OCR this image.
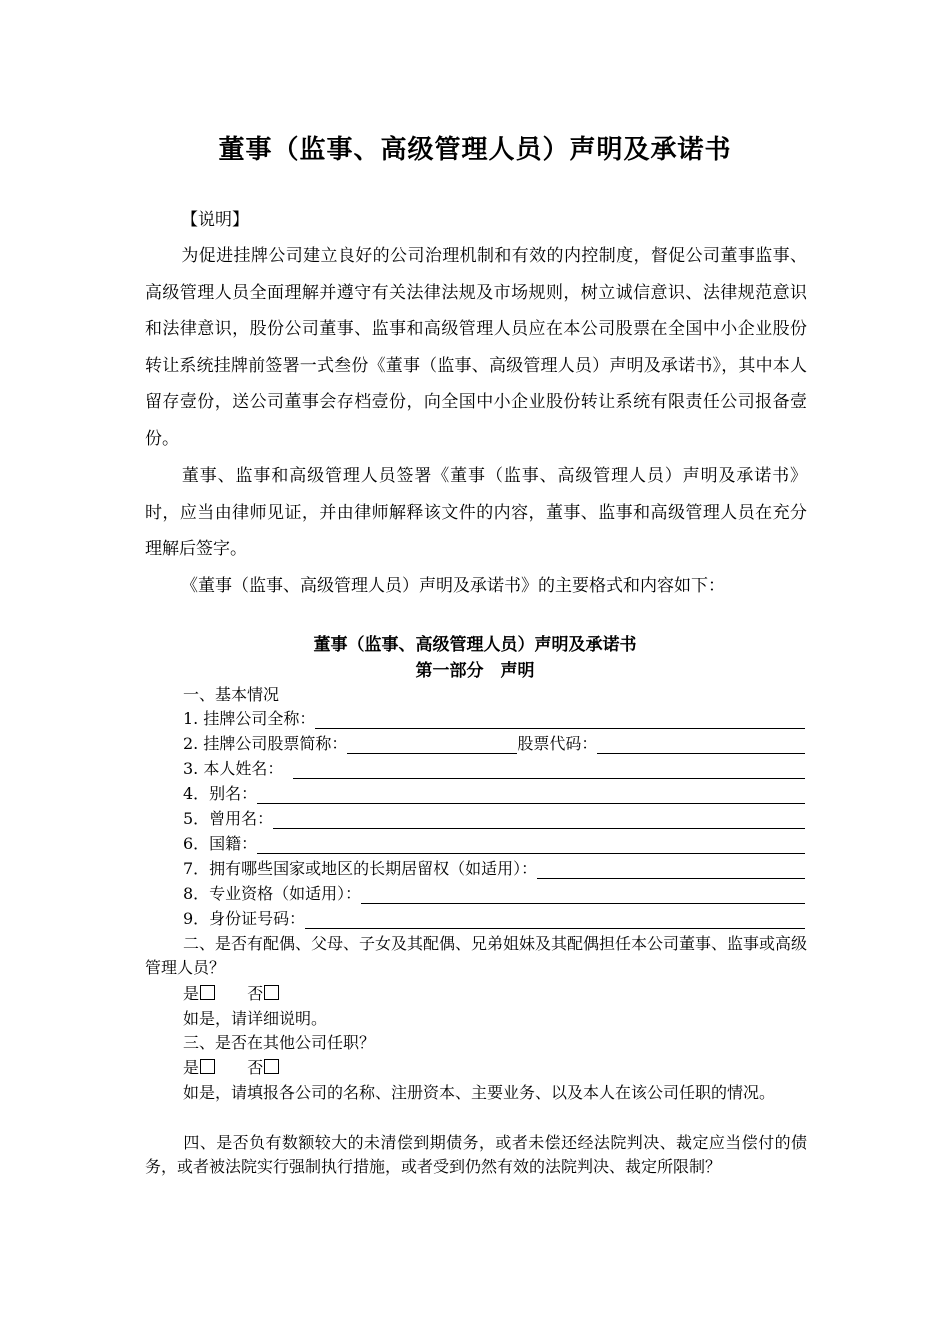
董事（监事、高级管理人员）声明及承诺书
【说明】
为促进挂牌公司建立良好的公司治理机制和有效的内控制度，督促公司董事监事、高级管理人员全面理解并遵守有关法律法规及市场规则，树立诚信意识、法律规范意识和法律意识，股份公司董事、监事和高级管理人员应在本公司股票在全国中小企业股份转让系统挂牌前签署一式叁份《董事（监事、高级管理人员）声明及承诺书》，其中本人留存壹份，送公司董事会存档壹份，向全国中小企业股份转让系统有限责任公司报备壹份。
董事、监事和高级管理人员签署《董事（监事、高级管理人员）声明及承诺书》时，应当由律师见证，并由律师解释该文件的内容，董事、监事和高级管理人员在充分理解后签字。
《董事（监事、高级管理人员）声明及承诺书》的主要格式和内容如下：
董事（监事、高级管理人员）声明及承诺书
第一部分　声明
一、基本情况
1. 挂牌公司全称：
2. 挂牌公司股票简称：	股票代码：
3. 本人姓名：
4．别名：
5．曾用名：
6．国籍：
7．拥有哪些国家或地区的长期居留权（如适用）：
8．专业资格（如适用）：
9．身份证号码：
二、是否有配偶、父母、子女及其配偶、兄弟姐妹及其配偶担任本公司董事、监事或高级管理人员？
是	否
如是，请详细说明。
三、是否在其他公司任职？
是	否
如是，请填报各公司的名称、注册资本、主要业务、以及本人在该公司任职的情况。
四、是否负有数额较大的未清偿到期债务，或者未偿还经法院判决、裁定应当偿付的债务，或者被法院实行强制执行措施，或者受到仍然有效的法院判决、裁定所限制？
